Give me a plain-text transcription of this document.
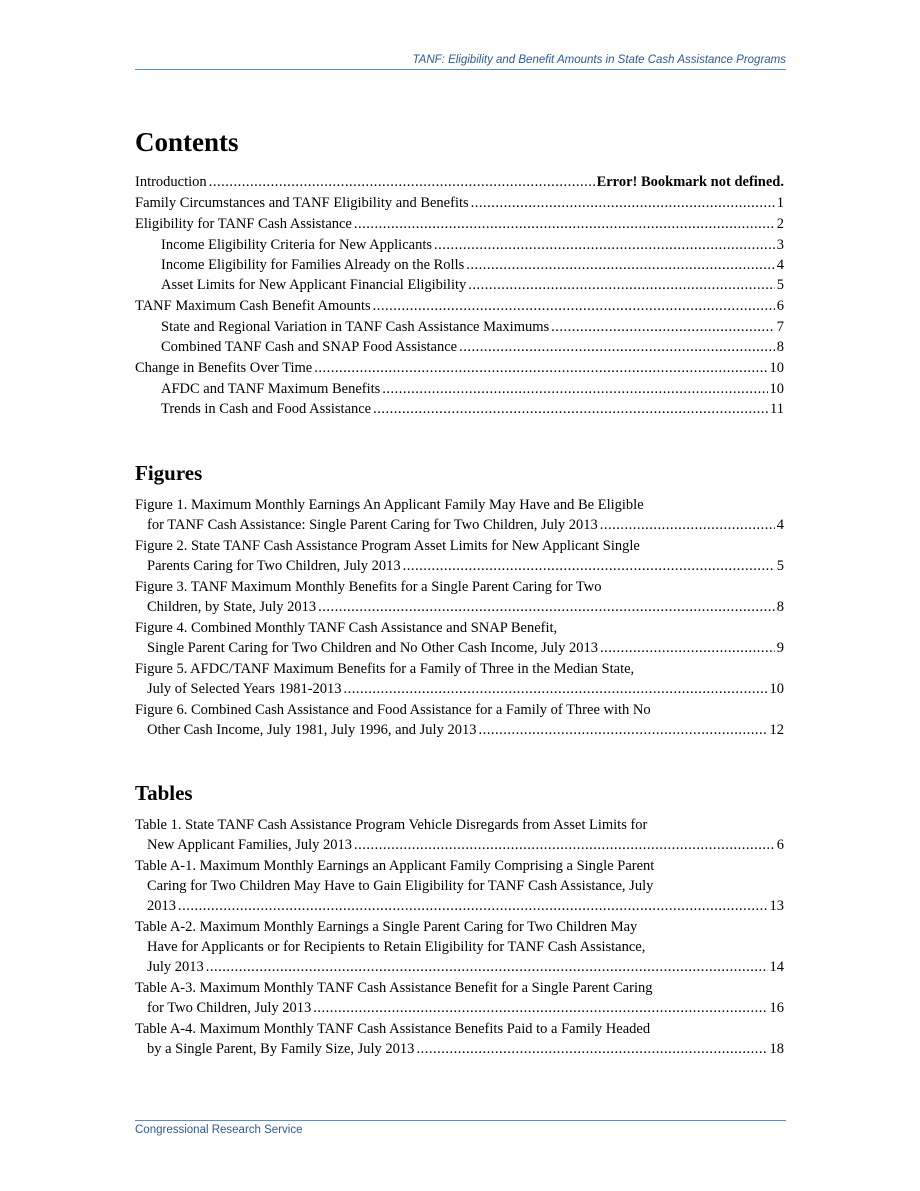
TANF: Eligibility and Benefit Amounts in State Cash Assistance Programs
Contents
Introduction .....	Error! Bookmark not defined.
Family Circumstances and TANF Eligibility and Benefits .....	1
Eligibility for TANF Cash Assistance .....	2
Income Eligibility Criteria for New Applicants .....	3
Income Eligibility for Families Already on the Rolls .....	4
Asset Limits for New Applicant Financial Eligibility .....	5
TANF Maximum Cash Benefit Amounts .....	6
State and Regional Variation in TANF Cash Assistance Maximums .....	7
Combined TANF Cash and SNAP Food Assistance .....	8
Change in Benefits Over Time .....	10
AFDC and TANF Maximum Benefits .....	10
Trends in Cash and Food Assistance .....	11
Figures
Figure 1. Maximum Monthly Earnings An Applicant Family May Have and Be Eligible
for TANF Cash Assistance: Single Parent Caring for Two Children, July 2013 .....	4
Figure 2. State TANF Cash Assistance Program Asset Limits for New Applicant Single
Parents Caring for Two Children, July 2013 .....	5
Figure 3. TANF Maximum Monthly Benefits for a Single Parent Caring for Two
Children, by State, July 2013 .....	8
Figure 4. Combined Monthly TANF Cash Assistance and SNAP Benefit,
Single Parent Caring for Two Children and No Other Cash Income, July 2013 .....	9
Figure 5. AFDC/TANF Maximum Benefits for a Family of Three in the Median State,
July of Selected Years 1981-2013 .....	10
Figure 6. Combined Cash Assistance and Food Assistance for a Family of Three with No
Other Cash Income, July 1981, July 1996, and July 2013 .....	12
Tables
Table 1. State TANF Cash Assistance Program Vehicle Disregards from Asset Limits for
New Applicant Families, July 2013 .....	6
Table A-1. Maximum Monthly Earnings an Applicant Family Comprising a Single Parent
Caring for Two Children May Have to Gain Eligibility for TANF Cash Assistance, July
2013 .....	13
Table A-2. Maximum Monthly Earnings a Single Parent Caring for Two Children May
Have for Applicants or for Recipients to Retain Eligibility for TANF Cash Assistance,
July 2013 .....	14
Table A-3. Maximum Monthly TANF Cash Assistance Benefit for a Single Parent Caring
for Two Children, July 2013 .....	16
Table A-4. Maximum Monthly TANF Cash Assistance Benefits Paid to a Family Headed
by a Single Parent, By Family Size, July 2013 .....	18
Congressional Research Service
